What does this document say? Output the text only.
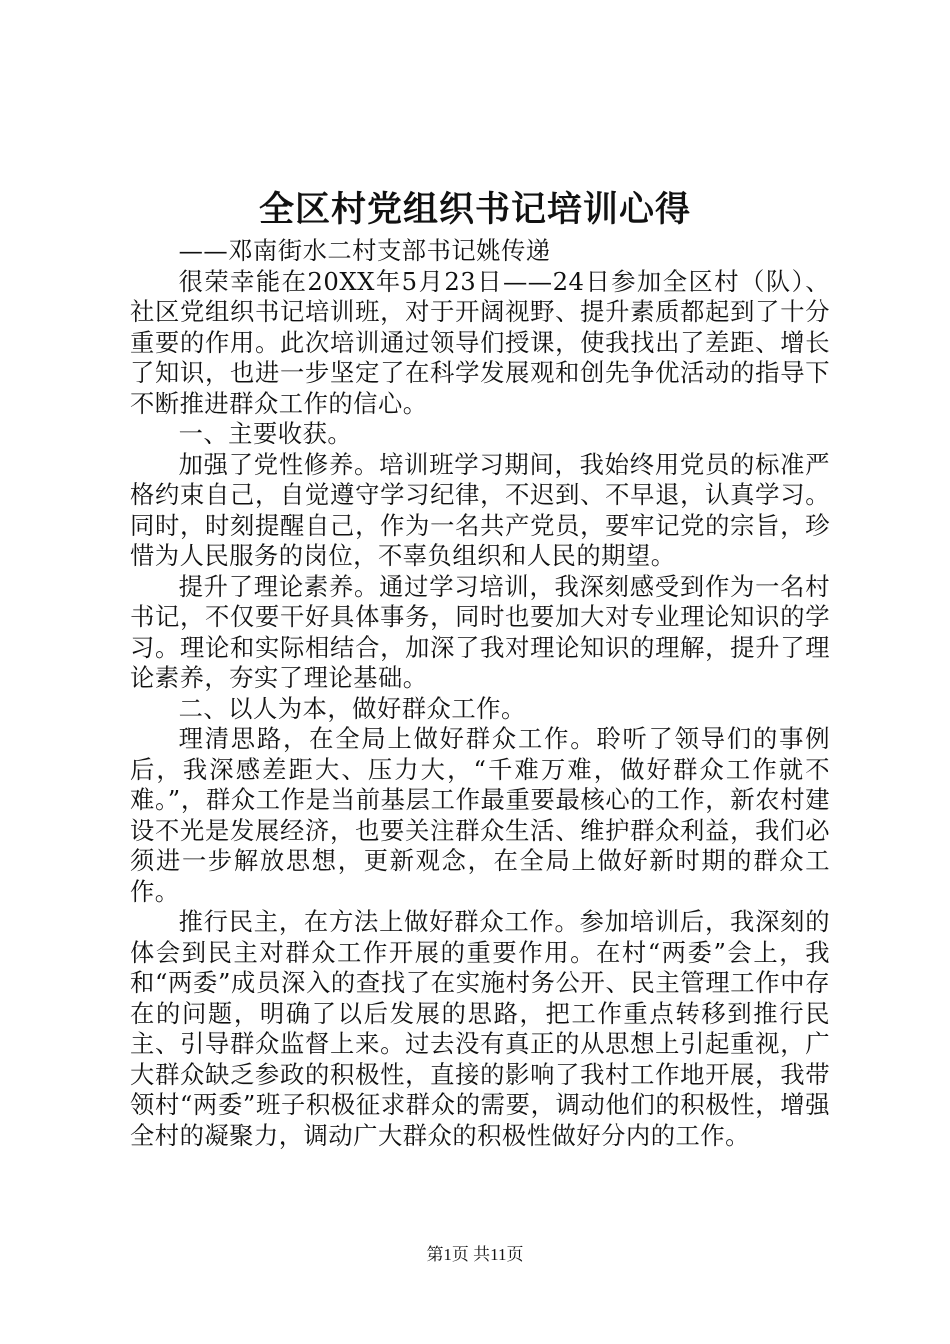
全区村党组织书记培训心得

——邓南街水二村支部书记姚传递

很荣幸能在20XX年5月23日——24日参加全区村（队）、社区党组织书记培训班，对于开阔视野、提升素质都起到了十分重要的作用。此次培训通过领导们授课，使我找出了差距、增长了知识，也进一步坚定了在科学发展观和创先争优活动的指导下不断推进群众工作的信心。

一、主要收获。

加强了党性修养。培训班学习期间，我始终用党员的标准严格约束自己，自觉遵守学习纪律，不迟到、不早退，认真学习。同时，时刻提醒自己，作为一名共产党员，要牢记党的宗旨，珍惜为人民服务的岗位，不辜负组织和人民的期望。

提升了理论素养。通过学习培训，我深刻感受到作为一名村书记，不仅要干好具体事务，同时也要加大对专业理论知识的学习。理论和实际相结合，加深了我对理论知识的理解，提升了理论素养，夯实了理论基础。

二、以人为本，做好群众工作。

理清思路，在全局上做好群众工作。聆听了领导们的事例后，我深感差距大、压力大，“千难万难，做好群众工作就不难。”，群众工作是当前基层工作最重要最核心的工作，新农村建设不光是发展经济，也要关注群众生活、维护群众利益，我们必须进一步解放思想，更新观念，在全局上做好新时期的群众工作。

推行民主，在方法上做好群众工作。参加培训后，我深刻的体会到民主对群众工作开展的重要作用。在村“两委”会上，我和“两委”成员深入的查找了在实施村务公开、民主管理工作中存在的问题，明确了以后发展的思路，把工作重点转移到推行民主、引导群众监督上来。过去没有真正的从思想上引起重视，广大群众缺乏参政的积极性，直接的影响了我村工作地开展，我带领村“两委”班子积极征求群众的需要，调动他们的积极性，增强全村的凝聚力，调动广大群众的积极性做好分内的工作。

第1页 共11页
